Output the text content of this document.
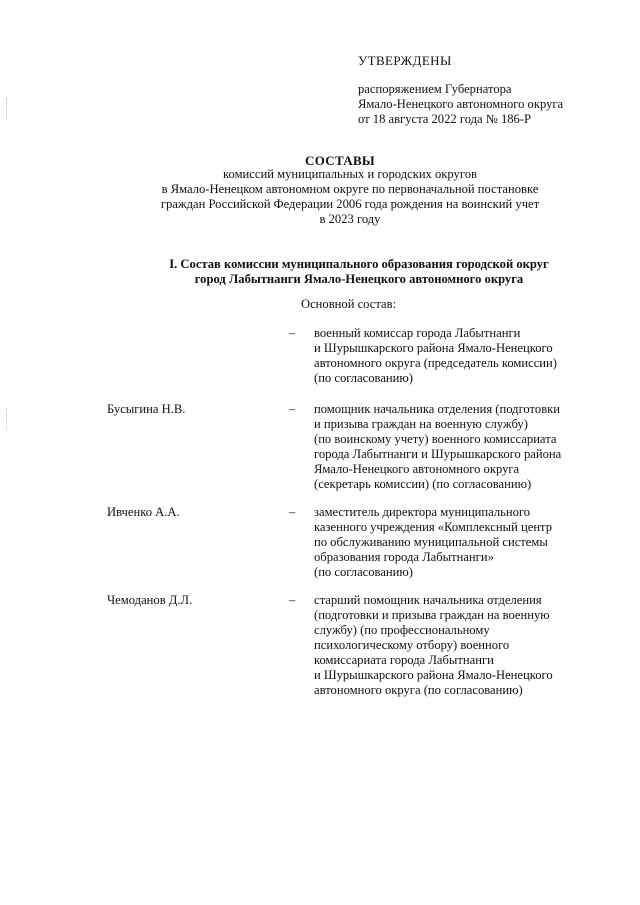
УТВЕРЖДЕНЫ
распоряжением Губернатора
Ямало-Ненецкого автономного округа
от 18 августа 2022 года № 186-Р
СОСТАВЫ
комиссий муниципальных и городских округов
в Ямало-Ненецком автономном округе по первоначальной постановке
граждан Российской Федерации 2006 года рождения на воинский учет
в 2023 году
I. Состав комиссии муниципального образования городской округ
город Лабытнанги Ямало-Ненецкого автономного округа
Основной состав:
– военный комиссар города Лабытнанги
и Шурышкарского района Ямало-Ненецкого
автономного округа (председатель комиссии)
(по согласованию)
Бусыгина Н.В.	– помощник начальника отделения (подготовки
и призыва граждан на военную службу)
(по воинскому учету) военного комиссариата
города Лабытнанги и Шурышкарского района
Ямало-Ненецкого автономного округа
(секретарь комиссии) (по согласованию)
Ивченко А.А.	– заместитель директора муниципального
казенного учреждения «Комплексный центр
по обслуживанию муниципальной системы
образования города Лабытнанги»
(по согласованию)
Чемоданов Д.Л.	– старший помощник начальника отделения
(подготовки и призыва граждан на военную
службу) (по профессиональному
психологическому отбору) военного
комиссариата города Лабытнанги
и Шурышкарского района Ямало-Ненецкого
автономного округа (по согласованию)
